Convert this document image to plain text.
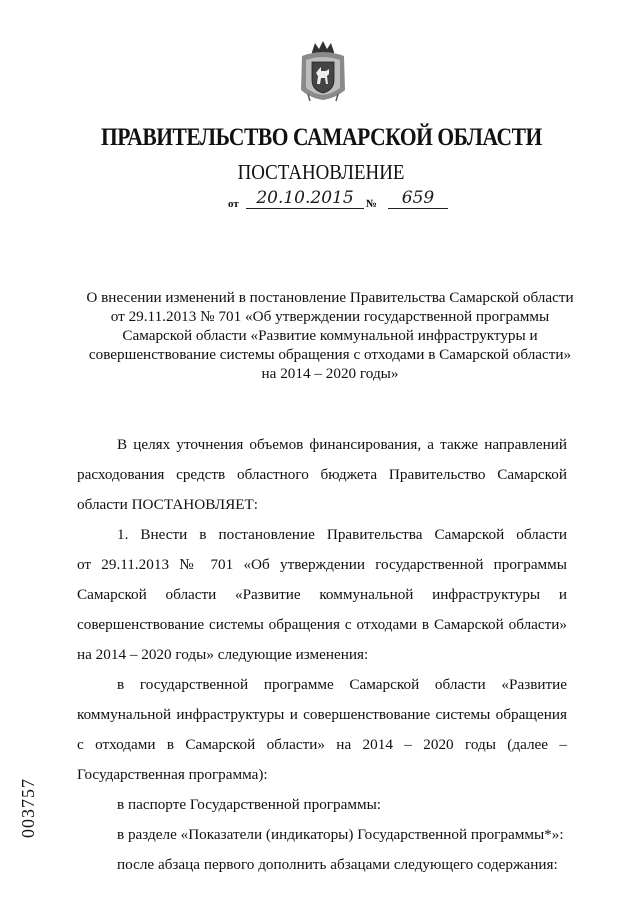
ПРАВИТЕЛЬСТВО САМАРСКОЙ ОБЛАСТИ
ПОСТАНОВЛЕНИЕ
от	20.10.2015	№	659
О внесении изменений в постановление Правительства Самарской области
от 29.11.2013 № 701 «Об утверждении государственной программы
Самарской области «Развитие коммунальной инфраструктуры и
совершенствование системы обращения с отходами в Самарской области»
на 2014 – 2020 годы»
В целях уточнения объемов финансирования, а также направлений
расходования средств областного бюджета Правительство Самарской
области ПОСТАНОВЛЯЕТ:
1. Внести в постановление Правительства Самарской области
от 29.11.2013 № 701 «Об утверждении государственной программы
Самарской области «Развитие коммунальной инфраструктуры и
совершенствование системы обращения с отходами в Самарской области»
на 2014 – 2020 годы» следующие изменения:
в государственной программе Самарской области «Развитие
коммунальной инфраструктуры и совершенствование системы обращения
с отходами в Самарской области» на 2014 – 2020 годы (далее –
Государственная программа):
в паспорте Государственной программы:
в разделе «Показатели (индикаторы) Государственной программы*»:
после абзаца первого дополнить абзацами следующего содержания:
003757
